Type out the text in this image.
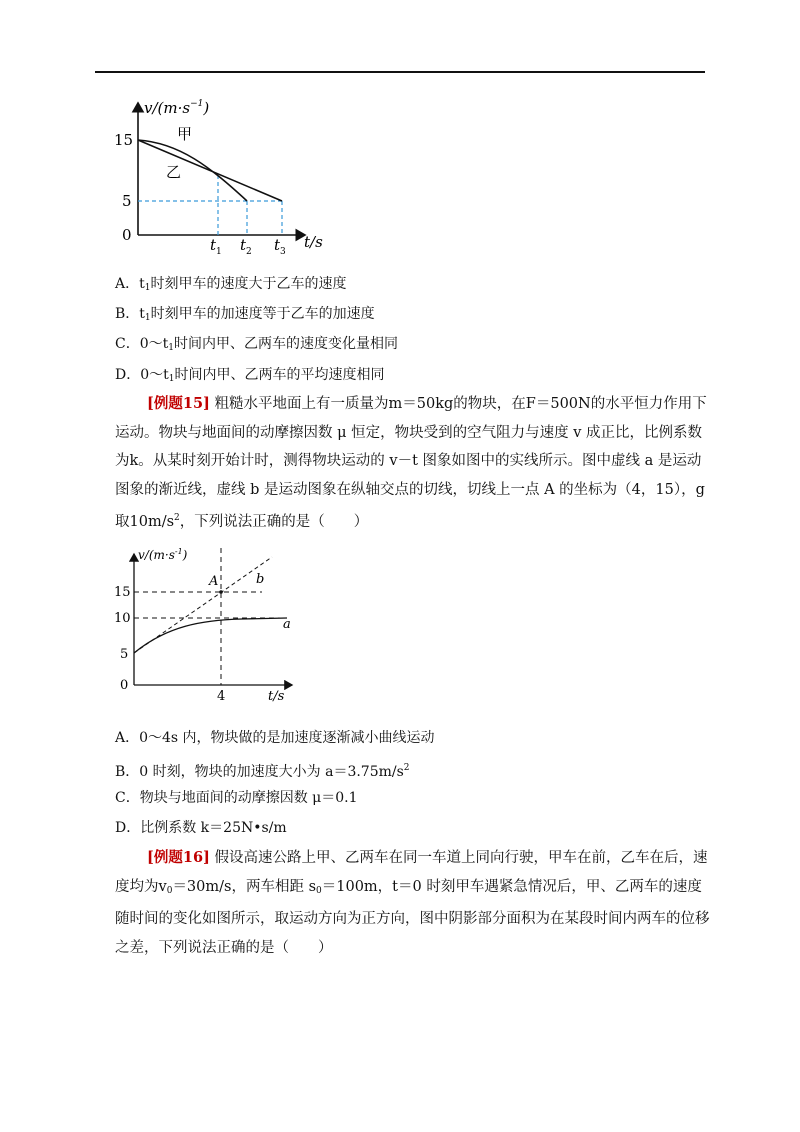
$v/(m\cdot s^{-1})$
15
5
0
甲
乙
$t_1$ $t_2$ $t_3$
t/s
A．$t_1$时刻甲车的速度大于乙车的速度
B．$t_1$时刻甲车的加速度等于乙车的加速度
C．$0\sim t_1$时间内甲、乙两车的速度变化量相同
D．$0\sim t_1$时间内甲、乙两车的平均速度相同
[例题15] 粗糙水平地面上有一质量为m＝50kg的物块，在F＝500N的水平恒力作用下运动。物块与地面间的动摩擦因数 μ 恒定，物块受到的空气阻力与速度 v 成正比，比例系数为k。从某时刻开始计时，测得物块运动的 v－t 图象如图中的实线所示。图中虚线 a 是运动图象的渐近线，虚线 b 是运动图象在纵轴交点的切线，切线上一点 A 的坐标为（4，15），g 取$10m/s^2$，下列说法正确的是（　　）
$v/(m\cdot s^{-1})$
15
10
5
0
4	t/s
A	b
a
A．0～4s 内，物块做的是加速度逐渐减小曲线运动
B．0 时刻，物块的加速度大小为 $a=3.75m/s^2$
C．物块与地面间的动摩擦因数 μ＝0.1
D．比例系数 k＝25N•s/m
[例题16] 假设高速公路上甲、乙两车在同一车道上同向行驶，甲车在前，乙车在后，速度均为$v_0=30m/s$，两车相距 $s_0=100m$，t＝0 时刻甲车遇紧急情况后，甲、乙两车的速度随时间的变化如图所示，取运动方向为正方向，图中阴影部分面积为在某段时间内两车的位移之差，下列说法正确的是（　　）
